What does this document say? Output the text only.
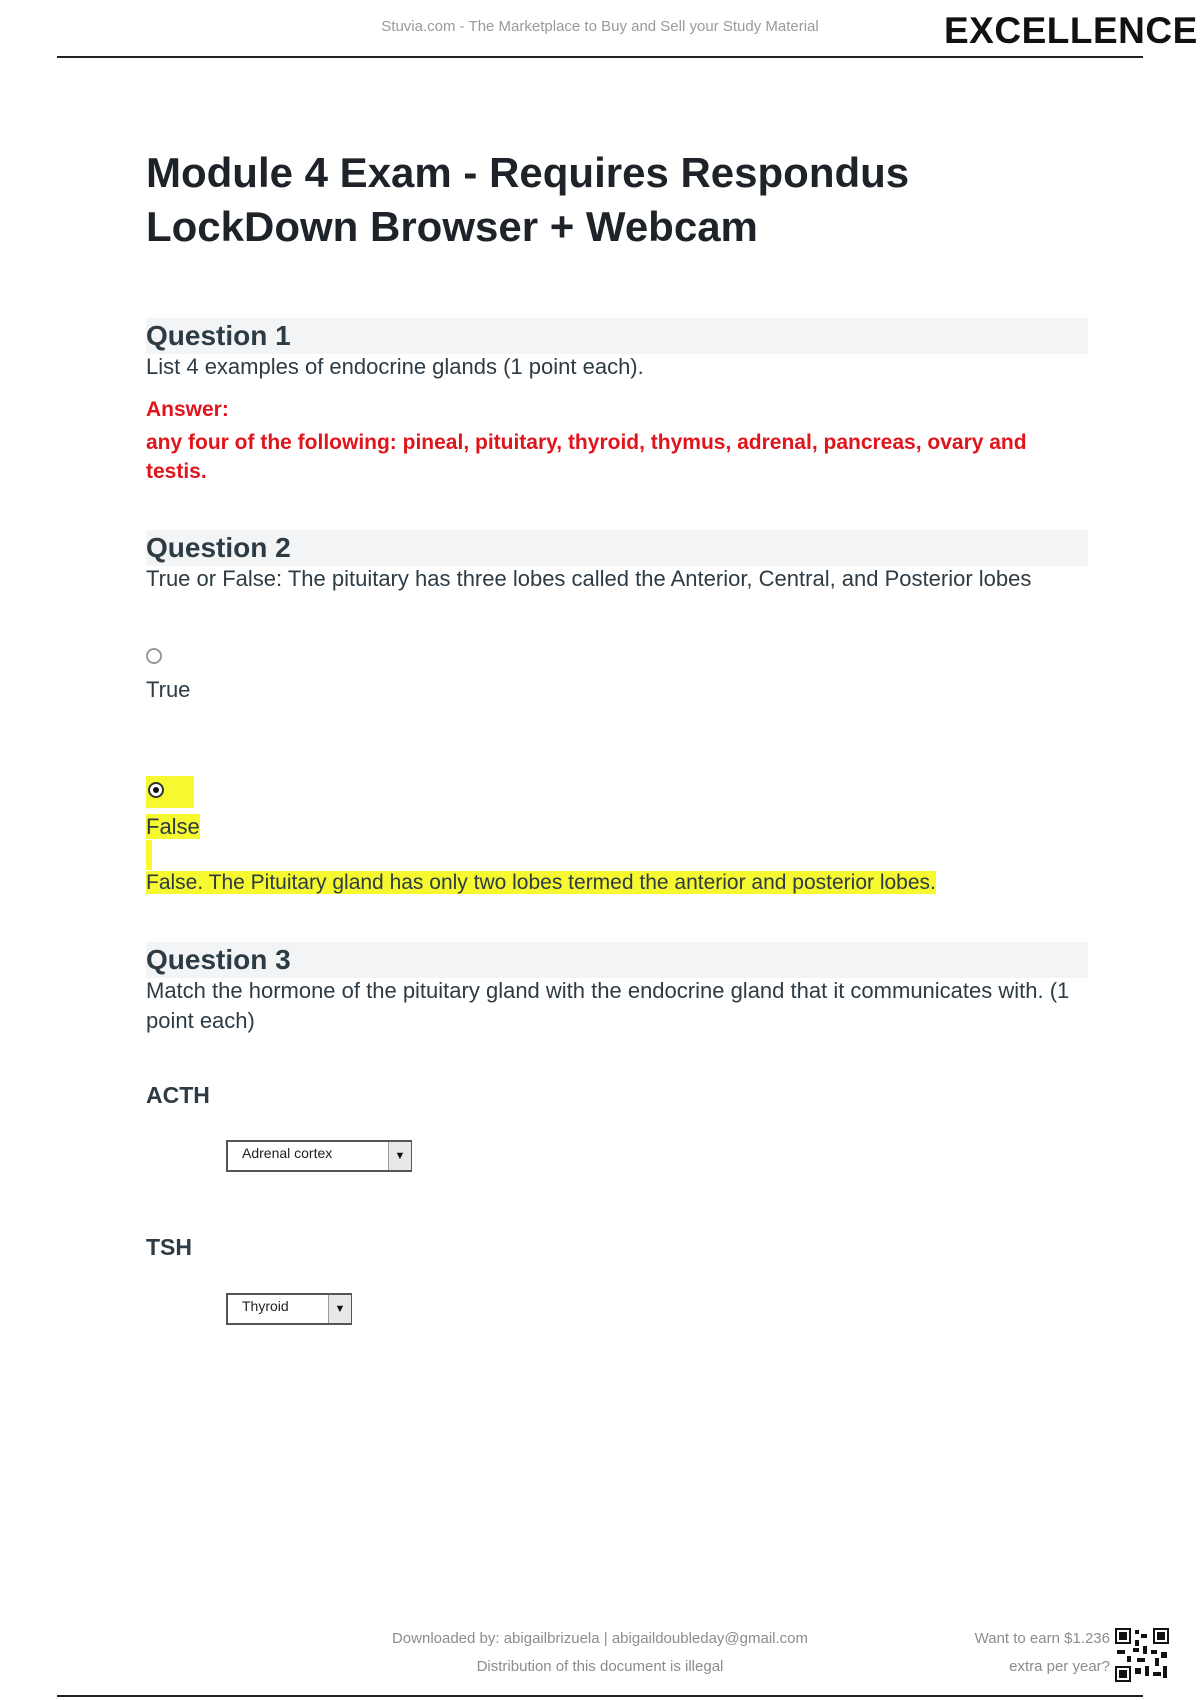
Stuvia.com - The Marketplace to Buy and Sell your Study Material	EXCELLENCE
Module 4 Exam - Requires Respondus LockDown Browser + Webcam
Question 1
List 4 examples of endocrine glands (1 point each).
Answer:
any four of the following: pineal, pituitary, thyroid, thymus, adrenal, pancreas, ovary and testis.
Question 2
True or False: The pituitary has three lobes called the Anterior, Central, and Posterior lobes
True
False
False. The Pituitary gland has only two lobes termed the anterior and posterior lobes.
Question 3
Match the hormone of the pituitary gland with the endocrine gland that it communicates with. (1 point each)
ACTH
Adrenal cortex	▼
TSH
Thyroid	▼
Downloaded by: abigailbrizuela | abigaildoubleday@gmail.com
Distribution of this document is illegal
Want to earn $1.236
extra per year?
